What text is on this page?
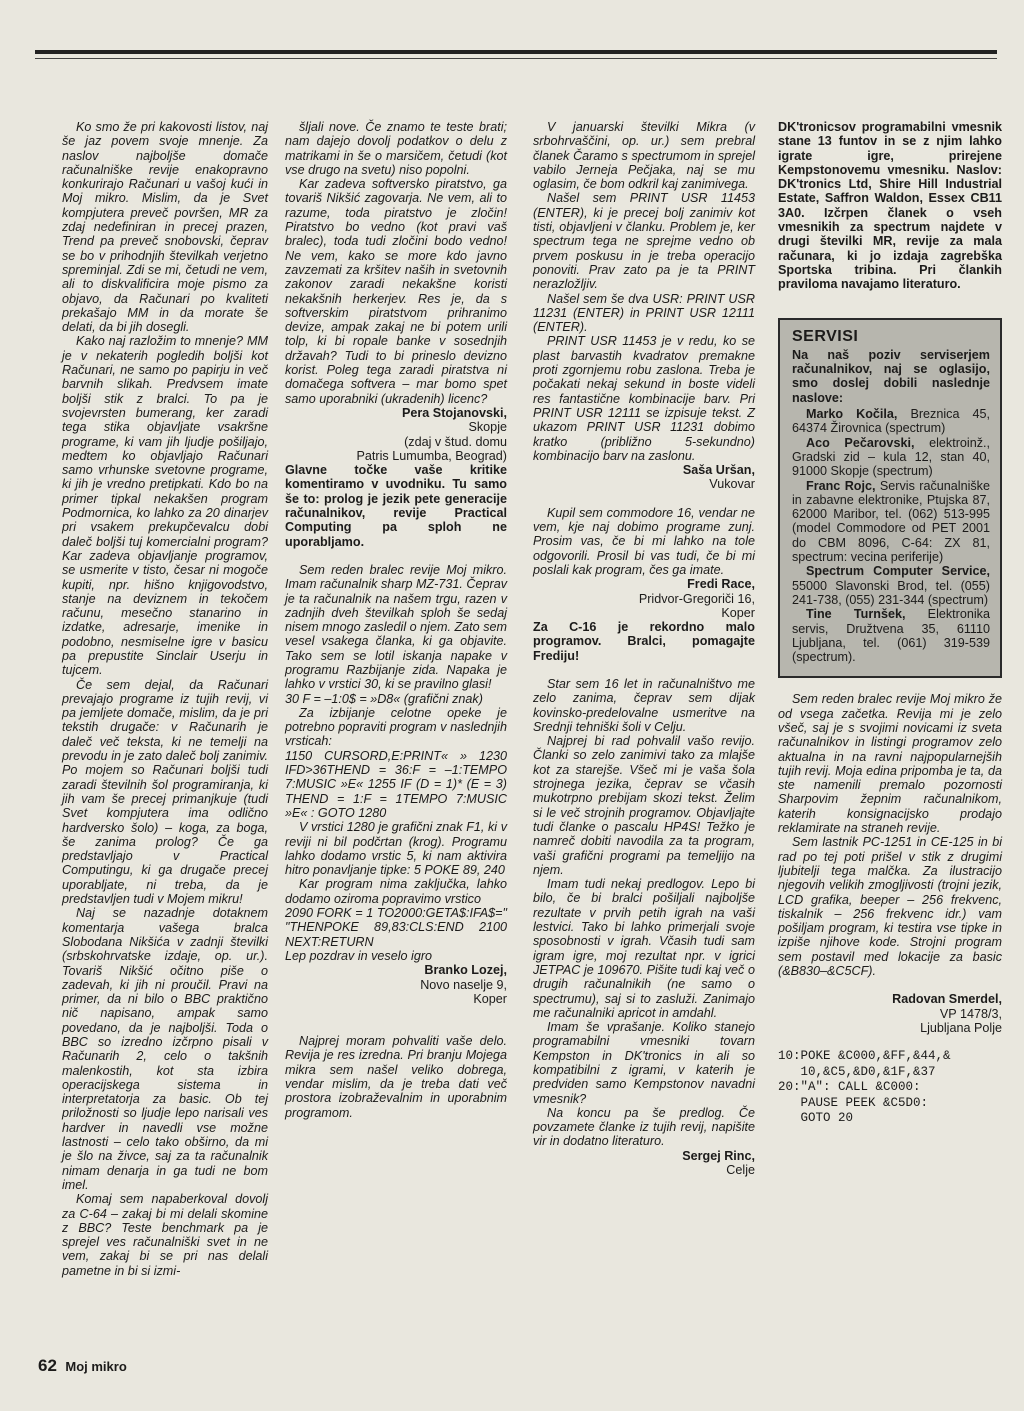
Ko smo že pri kakovosti listov, naj še jaz povem svoje mnenje. Za naslov najboljše domače računalniške revije enakopravno konkurirajo Računari u vašoj kući in Moj mikro. Mislim, da je Svet kompjutera preveč površen, MR za zdaj nedefiniran in precej prazen, Trend pa preveč snobovski, čeprav se bo v prihodnjih številkah verjetno spreminjal. Zdi se mi, četudi ne vem, ali to diskvalificira moje pismo za objavo, da Računari po kvaliteti prekašajo MM in da morate še delati, da bi jih dosegli.

Kako naj razložim to mnenje? MM je v nekaterih pogledih boljši kot Računari, ne samo po papirju in več barvnih slikah. Predvsem imate boljši stik z bralci. To pa je svojevrsten bumerang, ker zaradi tega stika objavljate vsakršne programe, ki vam jih ljudje pošiljajo, medtem ko objavljajo Računari samo vrhunske svetovne programe, ki jih je vredno pretipkati. Kdo bo na primer tipkal nekakšen program Podmornica, ko lahko za 20 dinarjev pri vsakem prekupčevalcu dobi daleč boljši tuj komercialni program? Kar zadeva objavljanje programov, se usmerite v tisto, česar ni mogoče kupiti, npr. hišno knjigovodstvo, stanje na deviznem in tekočem računu, mesečno stanarino in izdatke, adresarje, imenike in podobno, nesmiselne igre v basicu pa prepustite Sinclair Userju in tujcem.

Če sem dejal, da Računari prevajajo programe iz tujih revij, vi pa jemljete domače, mislim, da je pri tekstih drugače: v Računarih je daleč več teksta, ki ne temelji na prevodu in je zato daleč bolj zanimiv. Po mojem so Računari boljši tudi zaradi številnih šol programiranja, ki jih vam še precej primanjkuje (tudi Svet kompjutera ima odlično hardversko šolo) – koga, za boga, še zanima prolog? Če ga predstavljajo v Practical Computingu, ki ga drugače precej uporabljate, ni treba, da je predstavljen tudi v Mojem mikru!

Naj se nazadnje dotaknem komentarja vašega bralca Slobodana Nikšića v zadnji številki (srbskohrvatske izdaje, op. ur.). Tovariš Nikšić očitno piše o zadevah, ki jih ni proučil. Pravi na primer, da ni bilo o BBC praktično nič napisano, ampak samo povedano, da je najboljši. Toda o BBC so izredno izčrpno pisali v Računarih 2, celo o takšnih malenkostih, kot sta izbira operacijskega sistema in interpretatorja za basic. Ob tej priložnosti so ljudje lepo narisali ves hardver in navedli vse možne lastnosti – celo tako obširno, da mi je šlo na živce, saj za ta računalnik nimam denarja in ga tudi ne bom imel.

Komaj sem napaberkoval dovolj za C-64 – zakaj bi mi delali skomine z BBC? Teste benchmark pa je sprejel ves računalniški svet in ne vem, zakaj bi se pri nas delali pametne in bi si izmi-

šljali nove. Če znamo te teste brati; nam dajejo dovolj podatkov o delu z matrikami in še o marsičem, četudi (kot vse drugo na svetu) niso popolni.

Kar zadeva softversko piratstvo, ga tovariš Nikšić zagovarja. Ne vem, ali to razume, toda piratstvo je zločin! Piratstvo bo vedno (kot pravi vaš bralec), toda tudi zločini bodo vedno! Ne vem, kako se more kdo javno zavzemati za kršitev naših in svetovnih zakonov zaradi nekakšne koristi nekakšnih herkerjev. Res je, da s softverskim piratstvom prihranimo devize, ampak zakaj ne bi potem urili tolp, ki bi ropale banke v sosednjih državah? Tudi to bi prineslo devizno korist. Poleg tega zaradi piratstva ni domačega softvera – mar bomo spet samo uporabniki (ukradenih) licenc?

Pera Stojanovski,
Skopje
(zdaj v štud. domu
Patris Lumumba, Beograd)

Glavne točke vaše kritike komentiramo v uvodniku. Tu samo še to: prolog je jezik pete generacije računalnikov, revije Practical Computing pa sploh ne uporabljamo.

Sem reden bralec revije Moj mikro. Imam računalnik sharp MZ-731. Čeprav je ta računalnik na našem trgu, razen v zadnjih dveh številkah sploh še sedaj nisem mnogo zasledil o njem. Zato sem vesel vsakega članka, ki ga objavite. Tako sem se lotil iskanja napake v programu Razbijanje zida. Napaka je lahko v vrstici 30, ki se pravilno glasi!

30 F = –1:0$ = »D8« (grafični znak)

Za izbijanje celotne opeke je potrebno popraviti program v naslednjih vrsticah:

1150 CURSORD,E:PRINT« » 1230 IFD>36THEND = 36:F = –1:TEMPO 7:MUSIC »E« 1255 IF (D = 1)* (E = 3) THEND = 1:F = 1TEMPO 7:MUSIC »E« : GOTO 1280

V vrstici 1280 je grafični znak F1, ki v reviji ni bil podčrtan (krog). Programu lahko dodamo vrstic 5, ki nam aktivira hitro ponavljanje tipke: 5 POKE 89, 240

Kar program nima zaključka, lahko dodamo oziroma popravimo vrstico

2090 FORK = 1 TO2000:GETA$:IFA$=" "THENPOKE 89,83:CLS:END 2100 NEXT:RETURN

Lep pozdrav in veselo igro

Branko Lozej,
Novo naselje 9,
Koper

Najprej moram pohvaliti vaše delo. Revija je res izredna. Pri branju Mojega mikra sem našel veliko dobrega, vendar mislim, da je treba dati več prostora izobraževalnim in uporabnim programom.

V januarski številki Mikra (v srbohrvaščini, op. ur.) sem prebral članek Čaramo s spectrumom in sprejel vabilo Jerneja Pečjaka, naj se mu oglasim, če bom odkril kaj zanimivega.

Našel sem PRINT USR 11453 (ENTER), ki je precej bolj zanimiv kot tisti, objavljeni v članku. Problem je, ker spectrum tega ne sprejme vedno ob prvem poskusu in je treba operacijo ponoviti. Prav zato pa je ta PRINT nerazložljiv.

Našel sem še dva USR: PRINT USR 11231 (ENTER) in PRINT USR 12111 (ENTER).

PRINT USR 11453 je v redu, ko se plast barvastih kvadratov premakne proti zgornjemu robu zaslona. Treba je počakati nekaj sekund in boste videli res fantastične kombinacije barv. Pri PRINT USR 12111 se izpisuje tekst. Z ukazom PRINT USR 11231 dobimo kratko (približno 5-sekundno) kombinacijo barv na zaslonu.

Saša Uršan,
Vukovar

Kupil sem commodore 16, vendar ne vem, kje naj dobimo programe zunj. Prosim vas, če bi mi lahko na tole odgovorili. Prosil bi vas tudi, če bi mi poslali kak program, čes ga imate.

Fredi Race,
Pridvor-Gregoriči 16,
Koper

Za C-16 je rekordno malo programov. Bralci, pomagajte Frediju!

Star sem 16 let in računalništvo me zelo zanima, čeprav sem dijak kovinsko-predelovalne usmeritve na Srednji tehniški šoli v Celju.

Najprej bi rad pohvalil vašo revijo. Članki so zelo zanimivi tako za mlajše kot za starejše. Všeč mi je vaša šola strojnega jezika, čeprav se včasih mukotrpno prebijam skozi tekst. Želim si le več strojnih programov. Objavljajte tudi članke o pascalu HP4S! Težko je namreč dobiti navodila za ta program, vaši grafični programi pa temeljijo na njem.

Imam tudi nekaj predlogov. Lepo bi bilo, če bi bralci pošiljali najboljše rezultate v prvih petih igrah na vaši lestvici. Tako bi lahko primerjali svoje sposobnosti v igrah. Včasih tudi sam igram igre, moj rezultat npr. v igrici JETPAC je 109670. Pišite tudi kaj več o drugih računalnikih (ne samo o spectrumu), saj si to zasluži. Zanimajo me računalniki apricot in amdahl.

Imam še vprašanje. Koliko stanejo programabilni vmesniki tovarn Kempston in DK'tronics in ali so kompatibilni z igrami, v katerih je predviden samo Kempstonov navadni vmesnik?

Na koncu pa še predlog. Če povzamete članke iz tujih revij, napišite vir in dodatno literaturo.

Sergej Rinc,
Celje

DK'tronicsov programabilni vmesnik stane 13 funtov in se z njim lahko igrate igre, prirejene Kempstonovemu vmesniku. Naslov: DK'tronics Ltd, Shire Hill Industrial Estate, Saffron Waldon, Essex CB11 3A0. Izčrpen članek o vseh vmesnikih za spectrum najdete v drugi številki MR, revije za mala računara, ki jo izdaja zagrebška Sportska tribina. Pri člankih praviloma navajamo literaturo.

SERVISI
Na naš poziv serviserjem računalnikov, naj se oglasijo, smo doslej dobili naslednje naslove:

Marko Kočila, Breznica 45, 64374 Žirovnica (spectrum)

Aco Pečarovski, elektroinž., Gradski zid – kula 12, stan 40, 91000 Skopje (spectrum)

Franc Rojc, Servis računalniške in zabavne elektronike, Ptujska 87, 62000 Maribor, tel. (062) 513-995 (model Commodore od PET 2001 do CBM 8096, C-64: ZX 81, spectrum: vecina periferije)

Spectrum Computer Service, 55000 Slavonski Brod, tel. (055) 241-738, (055) 231-344 (spectrum)

Tine Turnšek, Elektronika servis, Družtvena 35, 61110 Ljubljana, tel. (061) 319-539 (spectrum).

Sem reden bralec revije Moj mikro že od vsega začetka. Revija mi je zelo všeč, saj je s svojimi novicami iz sveta računalnikov in listingi programov zelo aktualna in na ravni najpopularnejših tujih revij. Moja edina pripomba je ta, da ste namenili premalo pozornosti Sharpovim žepnim računalnikom, katerih konsignacijsko prodajo reklamirate na straneh revije.

Sem lastnik PC-1251 in CE-125 in bi rad po tej poti prišel v stik z drugimi ljubitelji tega malčka. Za ilustracijo njegovih velikih zmogljivosti (trojni jezik, LCD grafika, beeper – 256 frekvenc, tiskalnik – 256 frekvenc idr.) vam pošiljam program, ki testira vse tipke in izpiše njihove kode. Strojni program sem postavil med lokacije za basic (&B830–&C5CF).

Radovan Smerdel,
VP 1478/3,
Ljubljana Polje
10:POKE &C000,&FF,&44,&
10,&C5,&D0,&1F,&37
20:"A": CALL &C000:
PAUSE PEEK &C5D0:
GOTO 20
62 Moj mikro
